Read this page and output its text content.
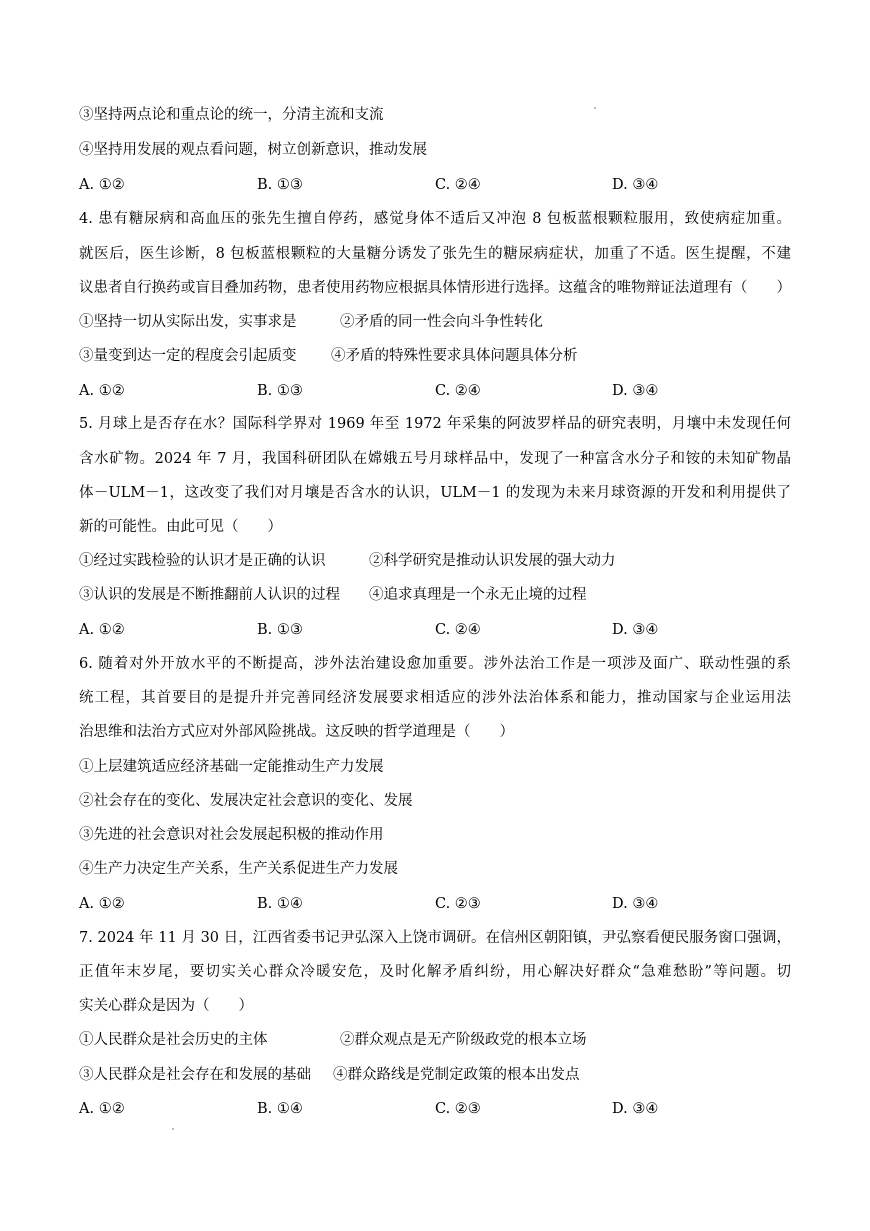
③坚持两点论和重点论的统一，分清主流和支流
④坚持用发展的观点看问题，树立创新意识，推动发展
A. ①②	B. ①③	C. ②④	D. ③④
4. 患有糖尿病和高血压的张先生擅自停药，感觉身体不适后又冲泡 8 包板蓝根颗粒服用，致使病症加重。
就医后，医生诊断，8 包板蓝根颗粒的大量糖分诱发了张先生的糖尿病症状，加重了不适。医生提醒，不建
议患者自行换药或盲目叠加药物，患者使用药物应根据具体情形进行选择。这蕴含的唯物辩证法道理有（　　）
①坚持一切从实际出发，实事求是	②矛盾的同一性会向斗争性转化
③量变到达一定的程度会引起质变 ④矛盾的特殊性要求具体问题具体分析
A. ①②	B. ①③	C. ②④	D. ③④
5. 月球上是否存在水？国际科学界对 1969 年至 1972 年采集的阿波罗样品的研究表明，月壤中未发现任何
含水矿物。2024 年 7 月，我国科研团队在嫦娥五号月球样品中，发现了一种富含水分子和铵的未知矿物晶
体－ULM－1，这改变了我们对月壤是否含水的认识，ULM－1 的发现为未来月球资源的开发和利用提供了
新的可能性。由此可见（　　）
①经过实践检验的认识才是正确的认识	②科学研究是推动认识发展的强大动力
③认识的发展是不断推翻前人认识的过程 ④追求真理是一个永无止境的过程
A. ①②	B. ①③	C. ②④	D. ③④
6. 随着对外开放水平的不断提高，涉外法治建设愈加重要。涉外法治工作是一项涉及面广、联动性强的系
统工程，其首要目的是提升并完善同经济发展要求相适应的涉外法治体系和能力，推动国家与企业运用法
治思维和法治方式应对外部风险挑战。这反映的哲学道理是（　　）
①上层建筑适应经济基础一定能推动生产力发展
②社会存在的变化、发展决定社会意识的变化、发展
③先进的社会意识对社会发展起积极的推动作用
④生产力决定生产关系，生产关系促进生产力发展
A. ①②	B. ①④	C. ②③	D. ③④
7. 2024 年 11 月 30 日，江西省委书记尹弘深入上饶市调研。在信州区朝阳镇，尹弘察看便民服务窗口强调，
正值年末岁尾，要切实关心群众冷暖安危，及时化解矛盾纠纷，用心解决好群众“急难愁盼”等问题。切
实关心群众是因为（　　）
①人民群众是社会历史的主体	②群众观点是无产阶级政党的根本立场
③人民群众是社会存在和发展的基础 ④群众路线是党制定政策的根本出发点
A. ①②	B. ①④	C. ②③	D. ③④
